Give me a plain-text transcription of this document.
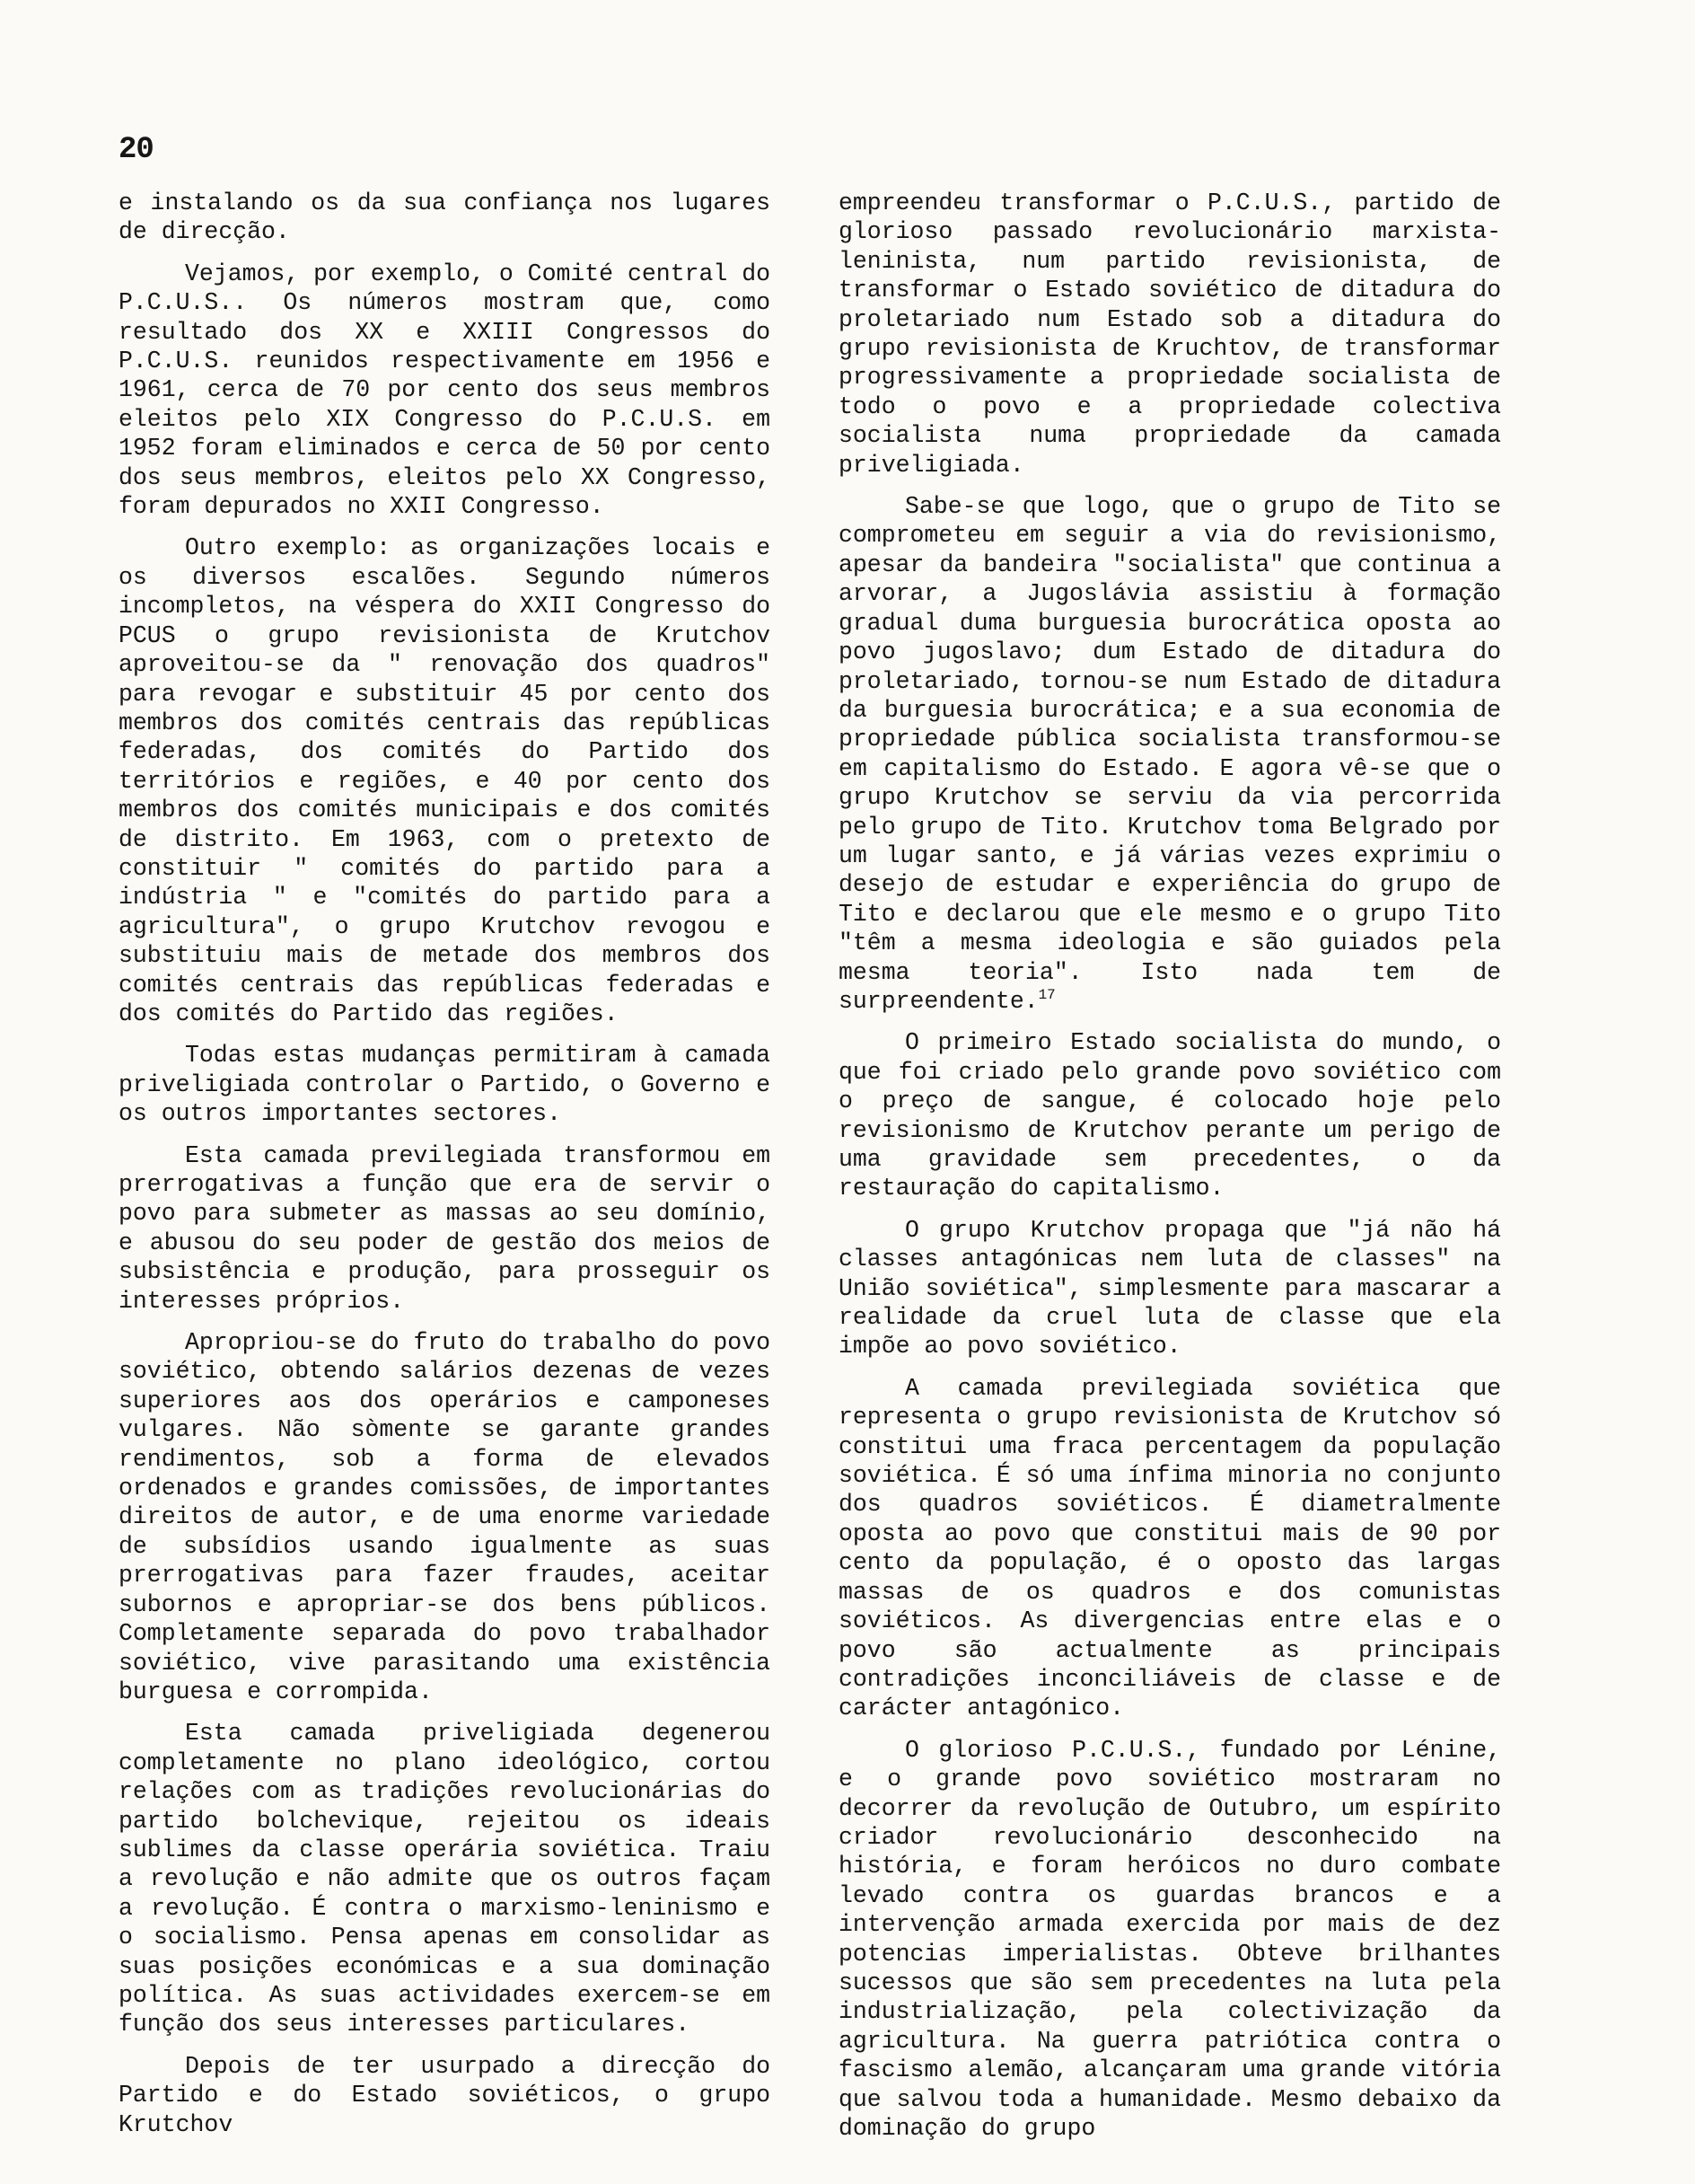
20

e instalando os da sua confiança nos lugares de direcção.

Vejamos, por exemplo, o Comité central do P.C.U.S.. Os números mostram que, como resultado dos XX e XXIII Congressos do P.C.U.S. reunidos respectivamente em 1956 e 1961, cerca de 70 por cento dos seus membros eleitos pelo XIX Congresso do P.C.U.S. em 1952 foram eliminados e cerca de 50 por cento dos seus membros, eleitos pelo XX Congresso, foram depurados no XXII Congresso.

Outro exemplo: as organizações locais e os diversos escalões. Segundo números incompletos, na véspera do XXII Congresso do PCUS o grupo revisionista de Krutchov aproveitou-se da " renovação dos quadros" para revogar e substituir 45 por cento dos membros dos comités centrais das repúblicas federadas, dos comités do Partido dos territórios e regiões, e 40 por cento dos membros dos comités municipais e dos comités de distrito. Em 1963, com o pretexto de constituir " comités do partido para a indústria " e "comités do partido para a agricultura", o grupo Krutchov revogou e substituiu mais de metade dos membros dos comités centrais das repúblicas federadas e dos comités do Partido das regiões.

Todas estas mudanças permitiram à camada priveligiada controlar o Partido, o Governo e os outros importantes sectores.

Esta camada previlegiada transformou em prerrogativas a função que era de servir o povo para submeter as massas ao seu domínio, e abusou do seu poder de gestão dos meios de subsistência e produção, para prosseguir os interesses próprios.

Apropriou-se do fruto do trabalho do povo soviético, obtendo salários dezenas de vezes superiores aos dos operários e camponeses vulgares. Não sòmente se garante grandes rendimentos, sob a forma de elevados ordenados e grandes comissões, de importantes direitos de autor, e de uma enorme variedade de subsídios usando igualmente as suas prerrogativas para fazer fraudes, aceitar subornos e apropriar-se dos bens públicos. Completamente separada do povo trabalhador soviético, vive parasitando uma existência burguesa e corrompida.

Esta camada priveligiada degenerou completamente no plano ideológico, cortou relações com as tradições revolucionárias do partido bolchevique, rejeitou os ideais sublimes da classe operária soviética. Traiu a revolução e não admite que os outros façam a revolução. É contra o marxismo-leninismo e o socialismo. Pensa apenas em consolidar as suas posições económicas e a sua dominação política. As suas actividades exercem-se em função dos seus interesses particulares.

Depois de ter usurpado a direcção do Partido e do Estado soviéticos, o grupo Krutchov

empreendeu transformar o P.C.U.S., partido de glorioso passado revolucionário marxista-leninista, num partido revisionista, de transformar o Estado soviético de ditadura do proletariado num Estado sob a ditadura do grupo revisionista de Kruchtov, de transformar progressivamente a propriedade socialista de todo o povo e a propriedade colectiva socialista numa propriedade da camada priveligiada.

Sabe-se que logo, que o grupo de Tito se comprometeu em seguir a via do revisionismo, apesar da bandeira "socialista" que continua a arvorar, a Jugoslávia assistiu à formação gradual duma burguesia burocrática oposta ao povo jugoslavo; dum Estado de ditadura do proletariado, tornou-se num Estado de ditadura da burguesia burocrática; e a sua economia de propriedade pública socialista transformou-se em capitalismo do Estado. E agora vê-se que o grupo Krutchov se serviu da via percorrida pelo grupo de Tito. Krutchov toma Belgrado por um lugar santo, e já várias vezes exprimiu o desejo de estudar e experiência do grupo de Tito e declarou que ele mesmo e o grupo Tito "têm a mesma ideologia e são guiados pela mesma teoria". Isto nada tem de surpreendente.$^{17}$

O primeiro Estado socialista do mundo, o que foi criado pelo grande povo soviético com o preço de sangue, é colocado hoje pelo revisionismo de Krutchov perante um perigo de uma gravidade sem precedentes, o da restauração do capitalismo.

O grupo Krutchov propaga que "já não há classes antagónicas nem luta de classes" na União soviética", simplesmente para mascarar a realidade da cruel luta de classe que ela impõe ao povo soviético.

A camada previlegiada soviética que representa o grupo revisionista de Krutchov só constitui uma fraca percentagem da população soviética. É só uma ínfima minoria no conjunto dos quadros soviéticos. É diametralmente oposta ao povo que constitui mais de 90 por cento da população, é o oposto das largas massas de os quadros e dos comunistas soviéticos. As divergencias entre elas e o povo são actualmente as principais contradições inconciliáveis de classe e de carácter antagónico.

O glorioso P.C.U.S., fundado por Lénine, e o grande povo soviético mostraram no decorrer da revolução de Outubro, um espírito criador revolucionário desconhecido na história, e foram heróicos no duro combate levado contra os guardas brancos e a intervenção armada exercida por mais de dez potencias imperialistas. Obteve brilhantes sucessos que são sem precedentes na luta pela industrialização, pela colectivização da agricultura. Na guerra patriótica contra o fascismo alemão, alcançaram uma grande vitória que salvou toda a humanidade. Mesmo debaixo da dominação do grupo
